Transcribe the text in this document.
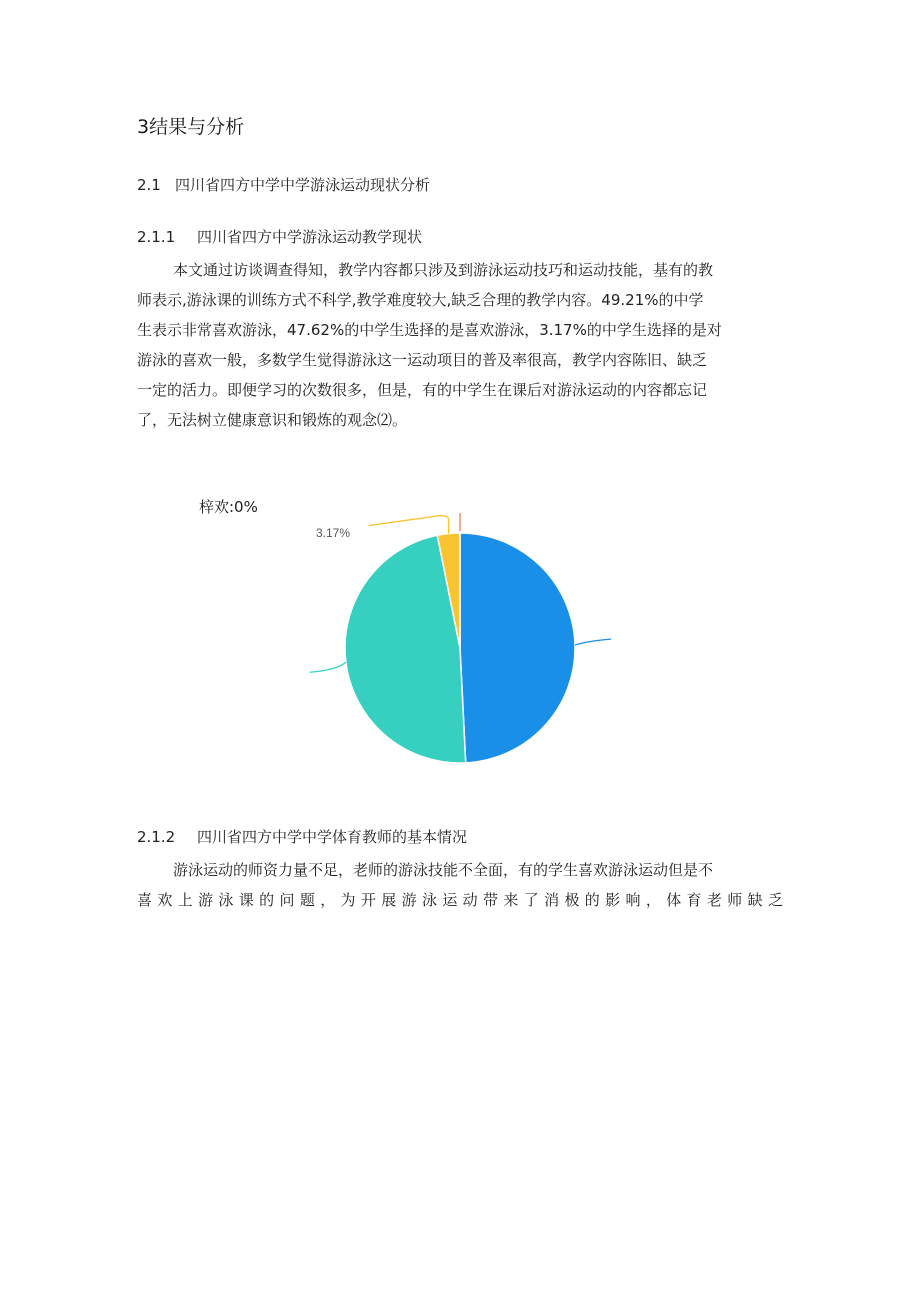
3结果与分析
2.1 四川省四方中学中学游泳运动现状分析
2.1.1 四川省四方中学游泳运动教学现状
本文通过访谈调查得知，教学内容都只涉及到游泳运动技巧和运动技能，基有的教
师表示,游泳课的训练方式不科学,教学难度较大,缺乏合理的教学内容。49.21%的中学
生表示非常喜欢游泳，47.62%的中学生选择的是喜欢游泳，3.17%的中学生选择的是对
游泳的喜欢一般，多数学生觉得游泳这一运动项目的普及率很高，教学内容陈旧、缺乏
一定的活力。即便学习的次数很多，但是，有的中学生在课后对游泳运动的内容都忘记
了，无法树立健康意识和锻炼的观念⑵。
梓欢:0%
3.17%
2.1.2 四川省四方中学中学体育教师的基本情况
游泳运动的师资力量不足，老师的游泳技能不全面，有的学生喜欢游泳运动但是不
喜欢上游泳课的问题，为开展游泳运动带来了消极的影响，体育老师缺乏
